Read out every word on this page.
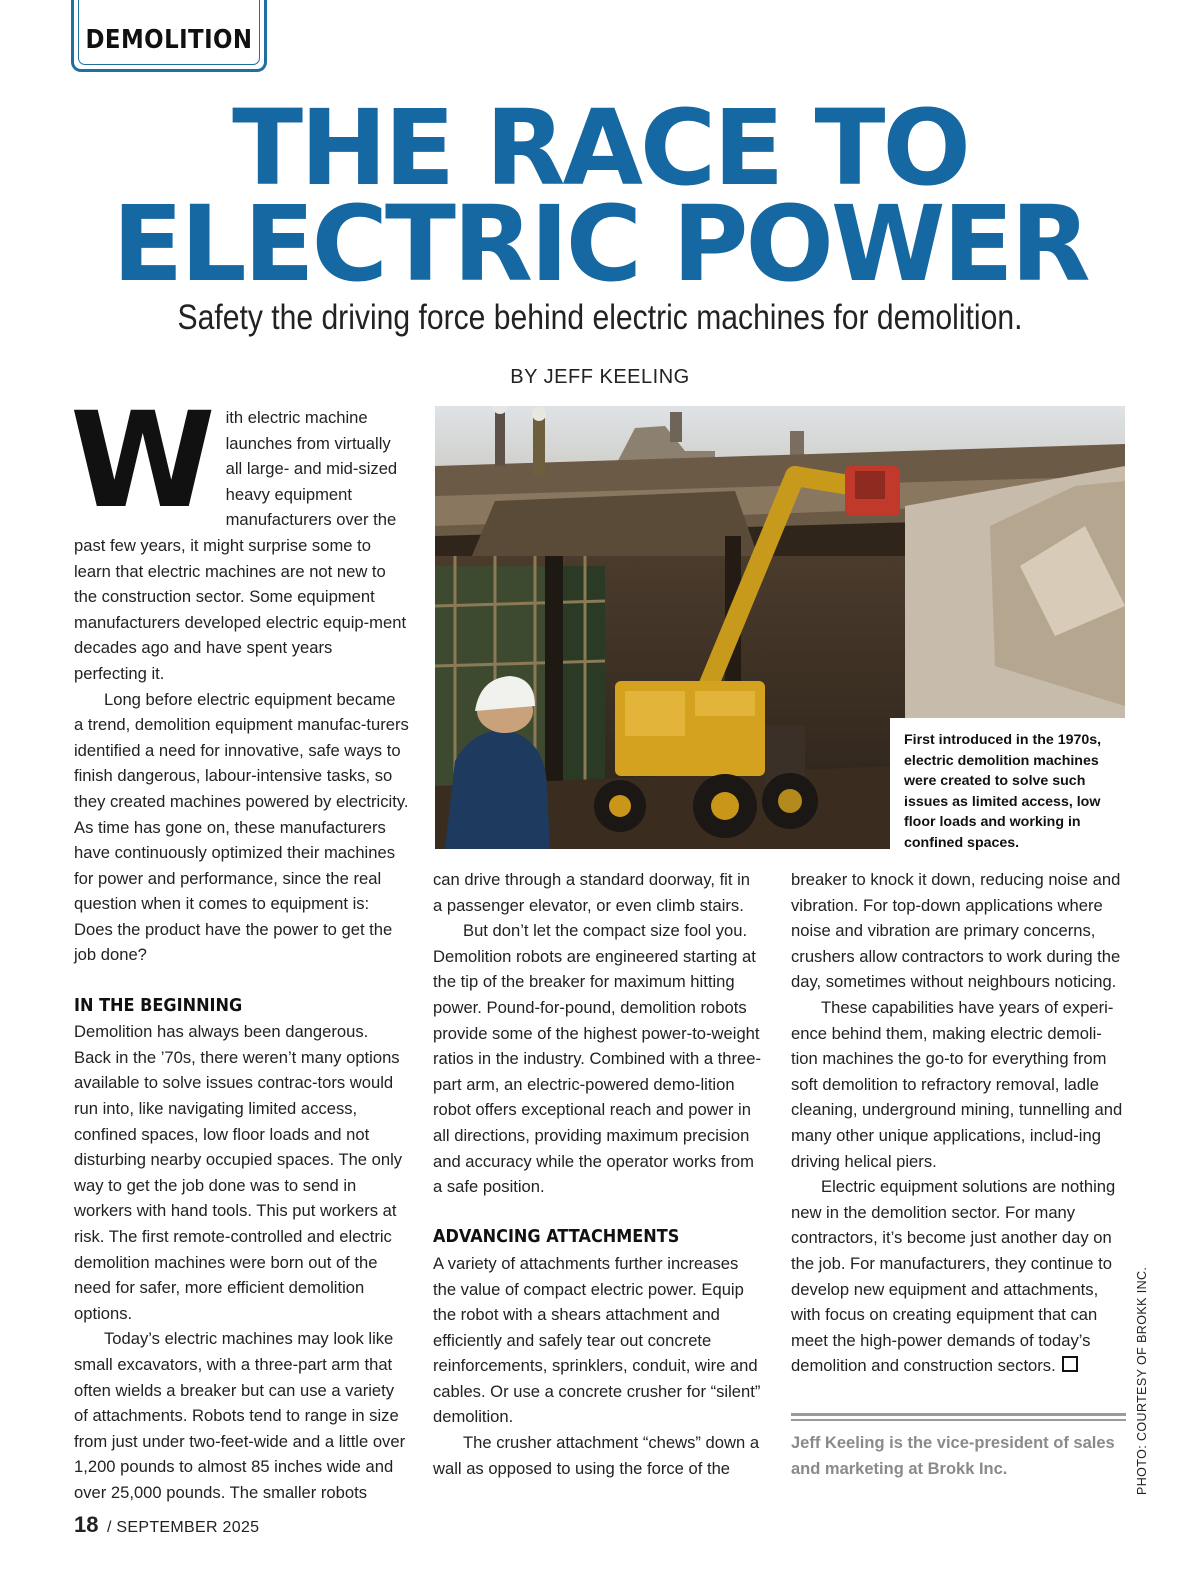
DEMOLITION
THE RACE TO
ELECTRIC POWER
Safety the driving force behind electric machines for demolition.
BY JEFF KEELING

With electric machine launches from virtually all large- and mid-sized heavy equipment manufacturers over the past few years, it might surprise some to learn that electric machines are not new to the construction sector. Some equipment manufacturers developed electric equip-ment decades ago and have spent years perfecting it.

Long before electric equipment became a trend, demolition equipment manufac-turers identified a need for innovative, safe ways to finish dangerous, labour-intensive tasks, so they created machines powered by electricity. As time has gone on, these manufacturers have continuously optimized their machines for power and performance, since the real question when it comes to equipment is: Does the product have the power to get the job done?

IN THE BEGINNING

Demolition has always been dangerous. Back in the ’70s, there weren’t many options available to solve issues contrac-tors would run into, like navigating limited access, confined spaces, low floor loads and not disturbing nearby occupied spaces. The only way to get the job done was to send in workers with hand tools. This put workers at risk. The first remote-controlled and electric demolition machines were born out of the need for safer, more efficient demolition options.

Today’s electric machines may look like small excavators, with a three-part arm that often wields a breaker but can use a variety of attachments. Robots tend to range in size from just under two-feet-wide and a little over 1,200 pounds to almost 85 inches wide and over 25,000 pounds. The smaller robots

First introduced in the 1970s, electric demolition machines were created to solve such issues as limited access, low floor loads and working in confined spaces.

can drive through a standard doorway, fit in a passenger elevator, or even climb stairs.

But don’t let the compact size fool you. Demolition robots are engineered starting at the tip of the breaker for maximum hitting power. Pound-for-pound, demolition robots provide some of the highest power-to-weight ratios in the industry. Combined with a three-part arm, an electric-powered demo-lition robot offers exceptional reach and power in all directions, providing maximum precision and accuracy while the operator works from a safe position.

ADVANCING ATTACHMENTS

A variety of attachments further increases the value of compact electric power. Equip the robot with a shears attachment and efficiently and safely tear out concrete reinforcements, sprinklers, conduit, wire and cables. Or use a concrete crusher for “silent” demolition.

The crusher attachment “chews” down a wall as opposed to using the force of the

breaker to knock it down, reducing noise and vibration. For top-down applications where noise and vibration are primary concerns, crushers allow contractors to work during the day, sometimes without neighbours noticing.

These capabilities have years of experi-ence behind them, making electric demoli-tion machines the go-to for everything from soft demolition to refractory removal, ladle cleaning, underground mining, tunnelling and many other unique applications, includ-ing driving helical piers.

Electric equipment solutions are nothing new in the demolition sector. For many contractors, it’s become just another day on the job. For manufacturers, they continue to develop new equipment and attachments, with focus on creating equipment that can meet the high-power demands of today’s demolition and construction sectors.

Jeff Keeling is the vice-president of sales and marketing at Brokk Inc.	PHOTO: COURTESY OF BROKK INC.
18 / SEPTEMBER 2025
